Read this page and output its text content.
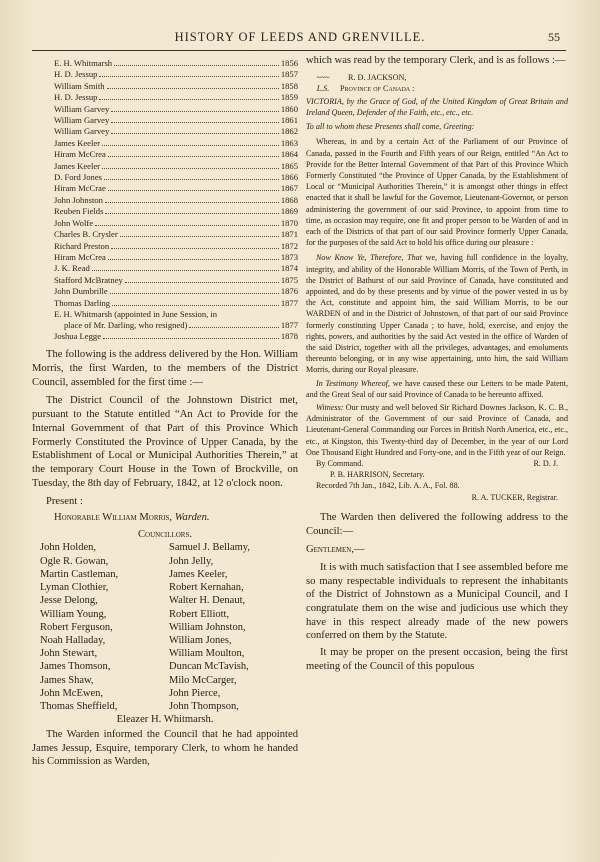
HISTORY OF LEEDS AND GRENVILLE.	55
E. H. Whitmarsh	1856
H. D. Jessup	1857
William Smith	1858
H. D. Jessup	1859
William Garvey	1860
William Garvey	1861
William Garvey	1862
James Keeler	1863
Hiram McCrea	1864
James Keeler	1865
D. Ford Jones	1866
Hiram McCrae	1867
John Johnston	1868
Reuben Fields	1869
John Wolfe	1870
Charles B. Crysler	1871
Richard Preston	1872
Hiram McCrea	1873
J. K. Read	1874
Stafford McBratney	1875
John Dumbrille	1876
Thomas Darling	1877
E. H. Whitmarsh (appointed in June Session, in
place of Mr. Darling, who resigned)	1877
Joshua Legge	1878

The following is the address delivered by the Hon. William Morris, the first Warden, to the members of the District Council, assembled for the first time :—

The District Council of the Johnstown District met, pursuant to the Statute entitled “An Act to Provide for the Internal Government of that Part of this Province Which Formerly Constituted the Province of Upper Canada, by the Establishment of Local or Municipal Authorities Therein,” at the temporary Court House in the Town of Brockville, on Tuesday, the 8th day of February, 1842, at 12 o'clock noon.

Present :

Honorable William Morris, Warden.

Councillors.

John Holden,	Samuel J. Bellamy,
Ogle R. Gowan,	John Jelly,
Martin Castleman,	James Keeler,
Lyman Clothier,	Robert Kernahan,
Jesse Delong,	Walter H. Denaut,
William Young,	Robert Elliott,
Robert Ferguson,	William Johnston,
Noah Halladay,	William Jones,
John Stewart,	William Moulton,
James Thomson,	Duncan McTavish,
James Shaw,	Milo McCarger,
John McEwen,	John Pierce,
Thomas Sheffield,	John Thompson,

Eleazer H. Whitmarsh.

The Warden informed the Council that he had appointed James Jessup, Esquire, temporary Clerk, to whom he handed his Commission as Warden,

which was read by the temporary Clerk, and is as follows :—

~~~
L.S.
R. D. JACKSON,
Province of Canada :

VICTORIA, by the Grace of God, of the United Kingdom of Great Britain and Ireland Queen, Defender of the Faith, etc., etc., etc.

To all to whom these Presents shall come, Greeting:

Whereas, in and by a certain Act of the Parliament of our Province of Canada, passed in the Fourth and Fifth years of our Reign, entitled “An Act to Provide for the Better Internal Government of that Part of this Province Which Formerly Constituted “the Province of Upper Canada, by the Establishment of Local or “Municipal Authorities Therein,” it is amongst other things in effect enacted that it shall be lawful for the Governor, Lieutenant-Governor, or person administering the government of our said Province, to appoint from time to time, as occasion may require, one fit and proper person to be Warden of and in each of the Districts of that part of our said Province formerly Upper Canada, for the purposes of the said Act to hold his office during our pleasure :

Now Know Ye, Therefore, That we, having full confidence in the loyalty, integrity, and ability of the Honorable William Morris, of the Town of Perth, in the District of Bathurst of our said Province of Canada, have constituted and appointed, and do by these presents and by virtue of the power vested in us by the Act, constitute and appoint him, the said William Morris, to be our WARDEN of and in the District of Johnstown, of that part of our said Province formerly constituting Upper Canada ; to have, hold, exercise, and enjoy the rights, powers, and authorities by the said Act vested in the office of Warden of the said District, together with all the privileges, advantages, and emoluments thereunto belonging, or in any wise appertaining, unto him, the said William Morris, during our Royal pleasure.

In Testimony Whereof, we have caused these our Letters to be made Patent, and the Great Seal of our said Province of Canada to be hereunto affixed.

Witness: Our trusty and well beloved Sir Richard Downes Jackson, K. C. B., Administrator of the Government of our said Province of Canada, and Lieutenant-General Commanding our Forces in British North America, etc., etc., etc., at Kingston, this Twenty-third day of December, in the year of our Lord One Thousand Eight Hundred and Forty-one, and in the Fifth year of our Reign.

By Command.	R. D. J.

P. B. HARRISON, Secretary.

Recorded 7th Jan., 1842, Lib. A. A., Fol. 88.

R. A. TUCKER, Registrar.

The Warden then delivered the following address to the Council:—

Gentlemen,—

It is with much satisfaction that I see assembled before me so many respectable individuals to represent the inhabitants of the District of Johnstown as a Municipal Council, and I congratulate them on the wise and judicious use which they have in this respect already made of the new powers conferred on them by the Statute.

It may be proper on the present occasion, being the first meeting of the Council of this populous
